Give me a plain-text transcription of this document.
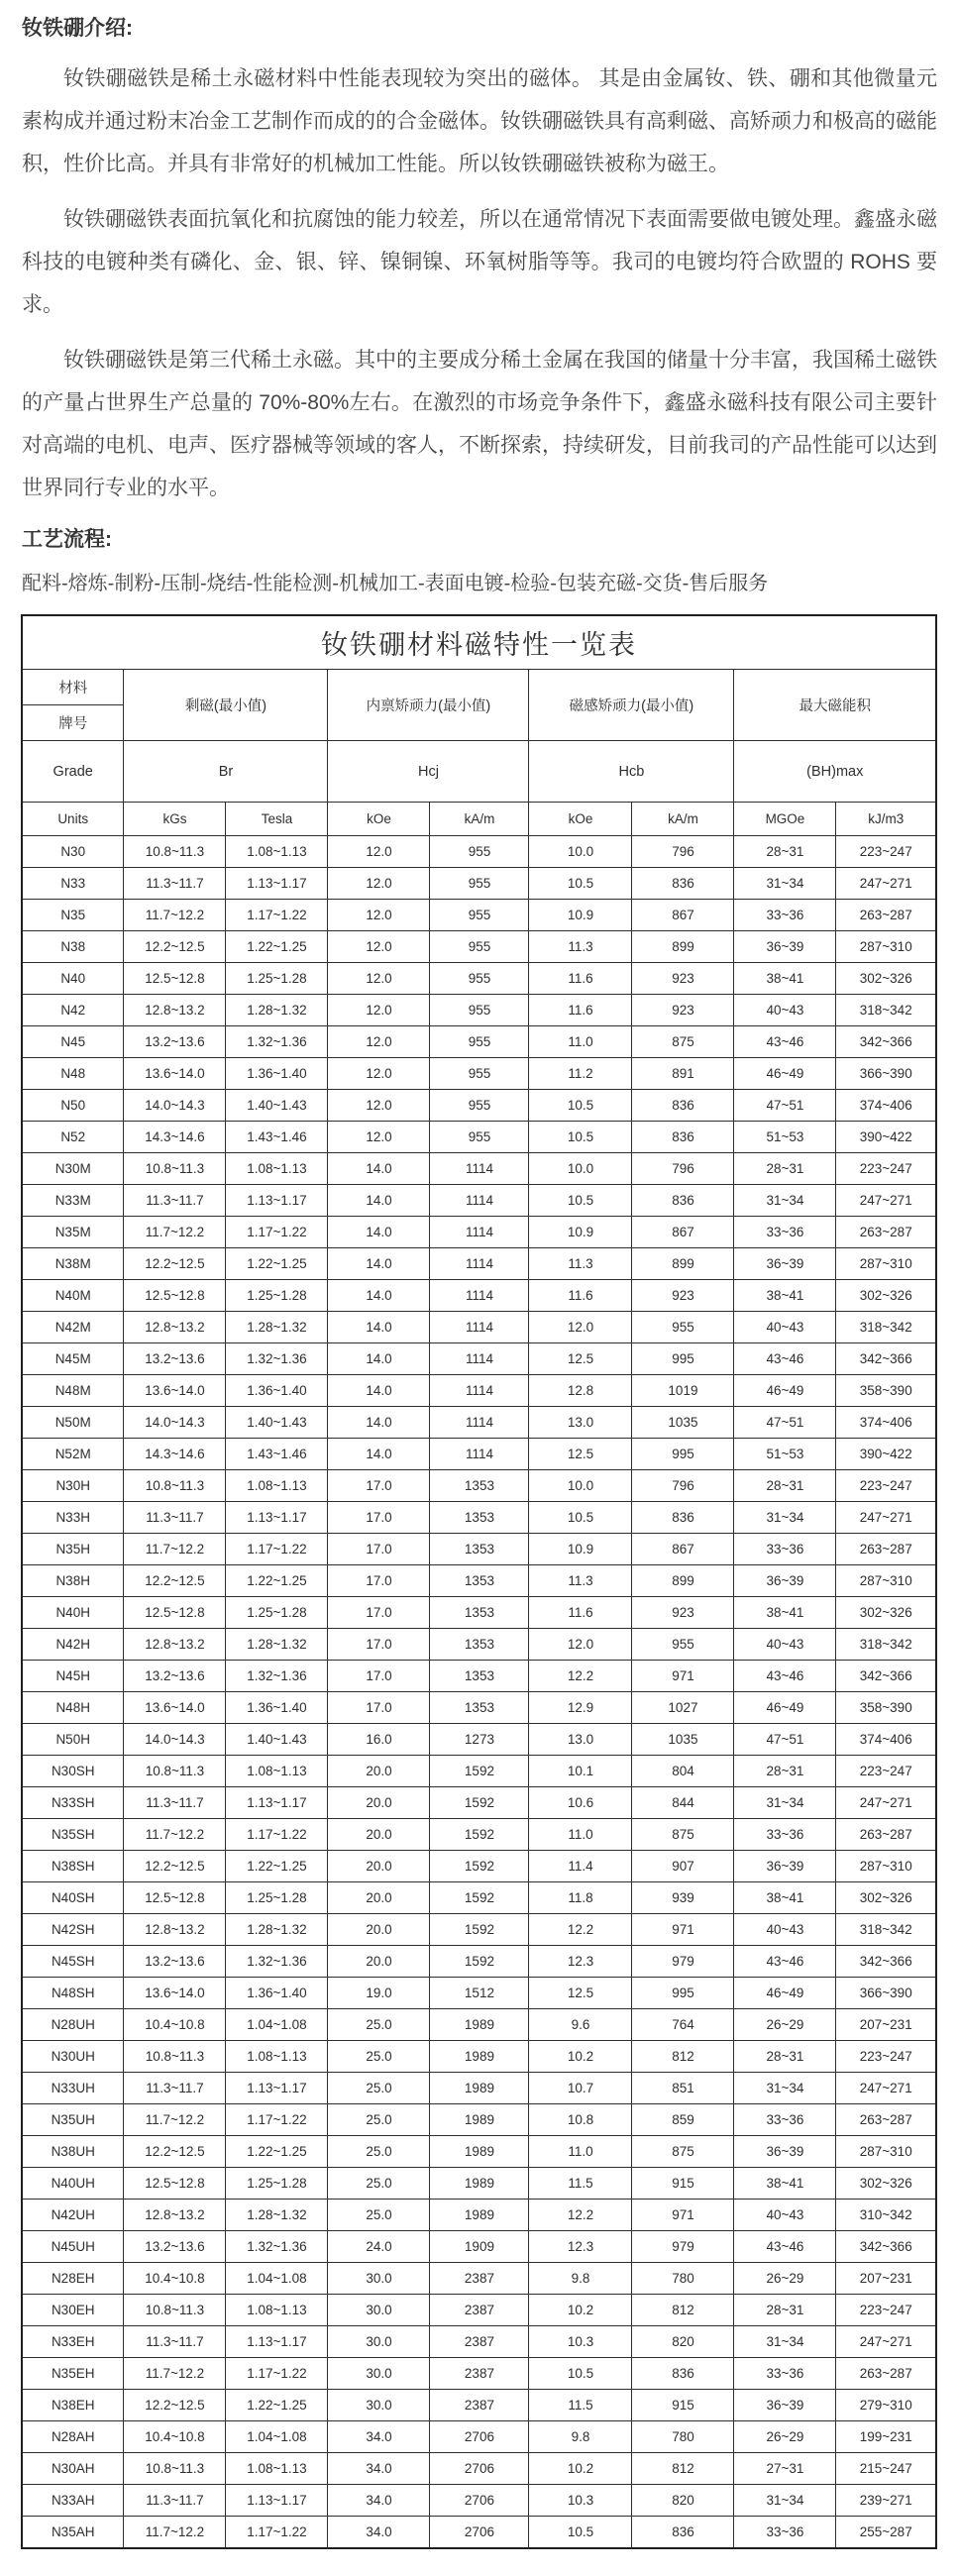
钕铁硼介绍:

钕铁硼磁铁是稀土永磁材料中性能表现较为突出的磁体。 其是由金属钕、铁、硼和其他微量元素构成并通过粉末冶金工艺制作而成的的合金磁体。钕铁硼磁铁具有高剩磁、高矫顽力和极高的磁能积，性价比高。并具有非常好的机械加工性能。所以钕铁硼磁铁被称为磁王。

钕铁硼磁铁表面抗氧化和抗腐蚀的能力较差，所以在通常情况下表面需要做电镀处理。鑫盛永磁科技的电镀种类有磷化、金、银、锌、镍铜镍、环氧树脂等等。我司的电镀均符合欧盟的 ROHS 要求。

钕铁硼磁铁是第三代稀土永磁。其中的主要成分稀土金属在我国的储量十分丰富，我国稀土磁铁的产量占世界生产总量的 70%-80%左右。在激烈的市场竞争条件下，鑫盛永磁科技有限公司主要针对高端的电机、电声、医疗器械等领域的客人，不断探索，持续研发，目前我司的产品性能可以达到世界同行专业的水平。

工艺流程:

配料-熔炼-制粉-压制-烧结-性能检测-机械加工-表面电镀-检验-包装充磁-交货-售后服务

钕铁硼材料磁特性一览表								

材料
牌号	剩磁(最小值)		内禀矫顽力(最小值)		磁感矫顽力(最小值)		最大磁能积	
Grade	Br		Hcj		Hcb		(BH)max	
Units	kGs	Tesla	kOe	kA/m	kOe	kA/m	MGOe	kJ/m3
N30	10.8~11.3	1.08~1.13	12.0	955	10.0	796	28~31	223~247
N33	11.3~11.7	1.13~1.17	12.0	955	10.5	836	31~34	247~271
N35	11.7~12.2	1.17~1.22	12.0	955	10.9	867	33~36	263~287
N38	12.2~12.5	1.22~1.25	12.0	955	11.3	899	36~39	287~310
N40	12.5~12.8	1.25~1.28	12.0	955	11.6	923	38~41	302~326
N42	12.8~13.2	1.28~1.32	12.0	955	11.6	923	40~43	318~342
N45	13.2~13.6	1.32~1.36	12.0	955	11.0	875	43~46	342~366
N48	13.6~14.0	1.36~1.40	12.0	955	11.2	891	46~49	366~390
N50	14.0~14.3	1.40~1.43	12.0	955	10.5	836	47~51	374~406
N52	14.3~14.6	1.43~1.46	12.0	955	10.5	836	51~53	390~422
N30M	10.8~11.3	1.08~1.13	14.0	1114	10.0	796	28~31	223~247
N33M	11.3~11.7	1.13~1.17	14.0	1114	10.5	836	31~34	247~271
N35M	11.7~12.2	1.17~1.22	14.0	1114	10.9	867	33~36	263~287
N38M	12.2~12.5	1.22~1.25	14.0	1114	11.3	899	36~39	287~310
N40M	12.5~12.8	1.25~1.28	14.0	1114	11.6	923	38~41	302~326
N42M	12.8~13.2	1.28~1.32	14.0	1114	12.0	955	40~43	318~342
N45M	13.2~13.6	1.32~1.36	14.0	1114	12.5	995	43~46	342~366
N48M	13.6~14.0	1.36~1.40	14.0	1114	12.8	1019	46~49	358~390
N50M	14.0~14.3	1.40~1.43	14.0	1114	13.0	1035	47~51	374~406
N52M	14.3~14.6	1.43~1.46	14.0	1114	12.5	995	51~53	390~422
N30H	10.8~11.3	1.08~1.13	17.0	1353	10.0	796	28~31	223~247
N33H	11.3~11.7	1.13~1.17	17.0	1353	10.5	836	31~34	247~271
N35H	11.7~12.2	1.17~1.22	17.0	1353	10.9	867	33~36	263~287
N38H	12.2~12.5	1.22~1.25	17.0	1353	11.3	899	36~39	287~310
N40H	12.5~12.8	1.25~1.28	17.0	1353	11.6	923	38~41	302~326
N42H	12.8~13.2	1.28~1.32	17.0	1353	12.0	955	40~43	318~342
N45H	13.2~13.6	1.32~1.36	17.0	1353	12.2	971	43~46	342~366
N48H	13.6~14.0	1.36~1.40	17.0	1353	12.9	1027	46~49	358~390
N50H	14.0~14.3	1.40~1.43	16.0	1273	13.0	1035	47~51	374~406
N30SH	10.8~11.3	1.08~1.13	20.0	1592	10.1	804	28~31	223~247
N33SH	11.3~11.7	1.13~1.17	20.0	1592	10.6	844	31~34	247~271
N35SH	11.7~12.2	1.17~1.22	20.0	1592	11.0	875	33~36	263~287
N38SH	12.2~12.5	1.22~1.25	20.0	1592	11.4	907	36~39	287~310
N40SH	12.5~12.8	1.25~1.28	20.0	1592	11.8	939	38~41	302~326
N42SH	12.8~13.2	1.28~1.32	20.0	1592	12.2	971	40~43	318~342
N45SH	13.2~13.6	1.32~1.36	20.0	1592	12.3	979	43~46	342~366
N48SH	13.6~14.0	1.36~1.40	19.0	1512	12.5	995	46~49	366~390
N28UH	10.4~10.8	1.04~1.08	25.0	1989	9.6	764	26~29	207~231
N30UH	10.8~11.3	1.08~1.13	25.0	1989	10.2	812	28~31	223~247
N33UH	11.3~11.7	1.13~1.17	25.0	1989	10.7	851	31~34	247~271
N35UH	11.7~12.2	1.17~1.22	25.0	1989	10.8	859	33~36	263~287
N38UH	12.2~12.5	1.22~1.25	25.0	1989	11.0	875	36~39	287~310
N40UH	12.5~12.8	1.25~1.28	25.0	1989	11.5	915	38~41	302~326
N42UH	12.8~13.2	1.28~1.32	25.0	1989	12.2	971	40~43	310~342
N45UH	13.2~13.6	1.32~1.36	24.0	1909	12.3	979	43~46	342~366
N28EH	10.4~10.8	1.04~1.08	30.0	2387	9.8	780	26~29	207~231
N30EH	10.8~11.3	1.08~1.13	30.0	2387	10.2	812	28~31	223~247
N33EH	11.3~11.7	1.13~1.17	30.0	2387	10.3	820	31~34	247~271
N35EH	11.7~12.2	1.17~1.22	30.0	2387	10.5	836	33~36	263~287
N38EH	12.2~12.5	1.22~1.25	30.0	2387	11.5	915	36~39	279~310
N28AH	10.4~10.8	1.04~1.08	34.0	2706	9.8	780	26~29	199~231
N30AH	10.8~11.3	1.08~1.13	34.0	2706	10.2	812	27~31	215~247
N33AH	11.3~11.7	1.13~1.17	34.0	2706	10.3	820	31~34	239~271
N35AH	11.7~12.2	1.17~1.22	34.0	2706	10.5	836	33~36	255~287
